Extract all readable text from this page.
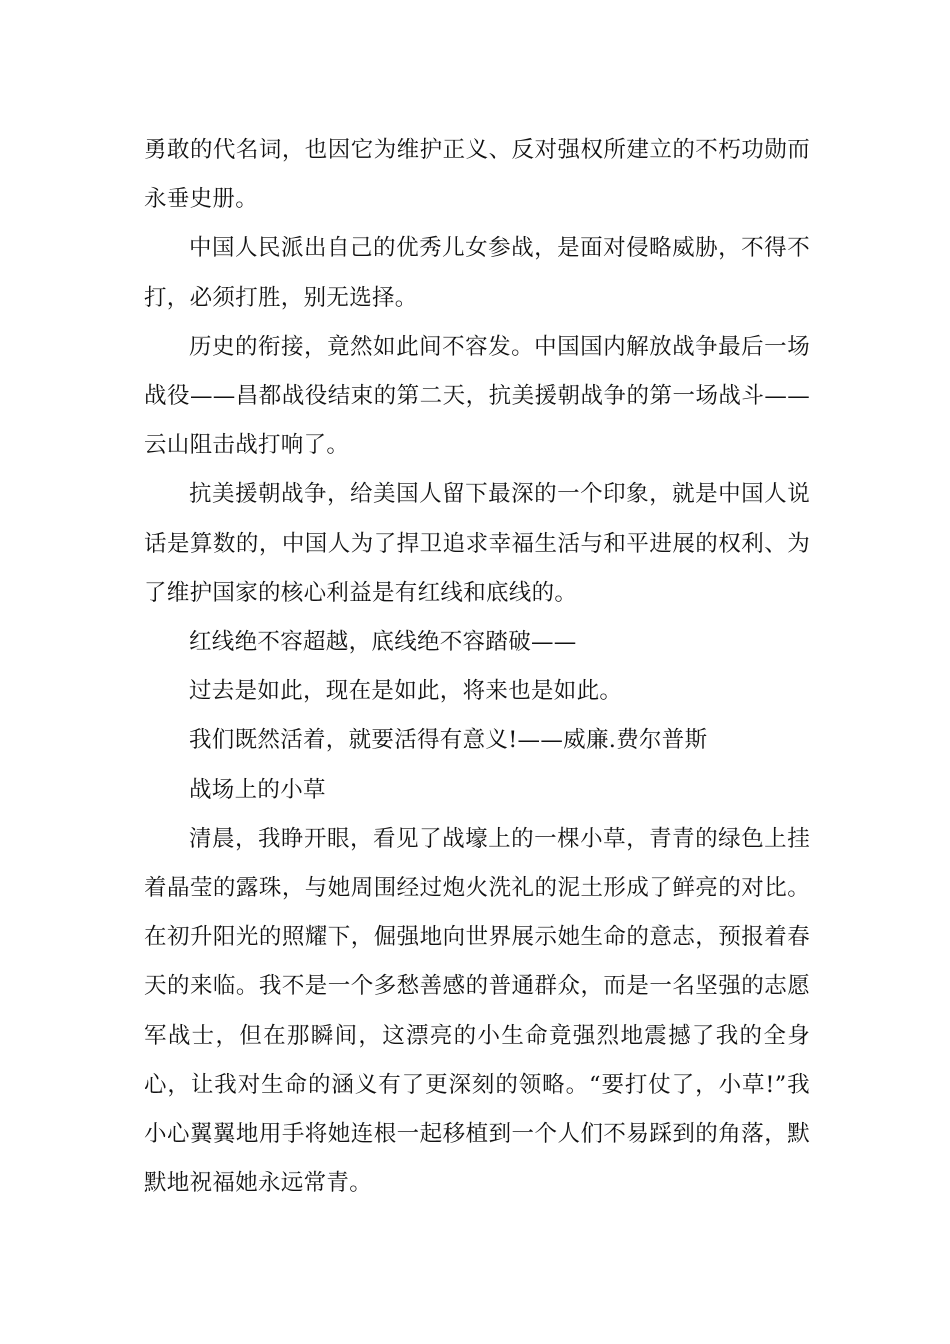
勇敢的代名词，也因它为维护正义、反对强权所建立的不朽功勋而永垂史册。

中国人民派出自己的优秀儿女参战，是面对侵略威胁，不得不打，必须打胜，别无选择。

历史的衔接，竟然如此间不容发。中国国内解放战争最后一场战役——昌都战役结束的第二天，抗美援朝战争的第一场战斗——云山阻击战打响了。

抗美援朝战争，给美国人留下最深的一个印象，就是中国人说话是算数的，中国人为了捍卫追求幸福生活与和平进展的权利、为了维护国家的核心利益是有红线和底线的。

红线绝不容超越，底线绝不容踏破——

过去是如此，现在是如此，将来也是如此。

我们既然活着，就要活得有意义!——威廉.费尔普斯

战场上的小草

清晨，我睁开眼，看见了战壕上的一棵小草，青青的绿色上挂着晶莹的露珠，与她周围经过炮火洗礼的泥土形成了鲜亮的对比。在初升阳光的照耀下，倔强地向世界展示她生命的意志，预报着春天的来临。我不是一个多愁善感的普通群众，而是一名坚强的志愿军战士，但在那瞬间，这漂亮的小生命竟强烈地震撼了我的全身心，让我对生命的涵义有了更深刻的领略。“要打仗了，小草!”我小心翼翼地用手将她连根一起移植到一个人们不易踩到的角落，默默地祝福她永远常青。
